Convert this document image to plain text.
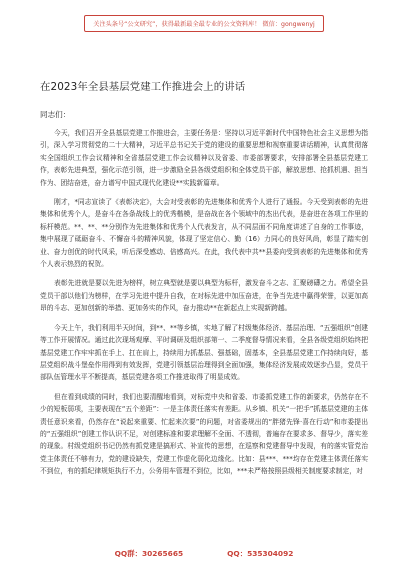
关注头条号“公文研究”，获得最新最全最专业的公文资料库！ 微信：gongwenyj
在2023年全县基层党建工作推进会上的讲话
同志们：

今天，我们召开全县基层党建工作推进会，主要任务是：坚持以习近平新时代中国特色社会主义思想为指引，深入学习贯彻党的二十大精神，习近平总书记关于党的建设的重要思想和视察重要讲话精神，认真贯彻落实全国组织工作会议精神和全省基层党建工作会议精神以及省委、市委部署要求，安排部署全县基层党建工作，表彰先进典型，强化示范引领，进一步激励全县各级党组织和全体党员干部，解放思想、抢抓机遇、担当作为、团结奋进，奋力谱写中国式现代化建设**实践新篇章。

刚才，*同志宣读了《表彰决定》，大会对受表彰的先进集体和优秀个人进行了通报。今天受到表彰的先进集体和优秀个人，是奋斗在各条战线上的优秀楷模，是奋战在各个领域中的杰出代表，是奋进在各项工作里的标杆模范。**、**、**分别作为先进集体和优秀个人代表发言，从不同层面不同角度讲述了自身的工作事迹，集中展现了砥砺奋斗、不懈奋斗的精神风貌，体现了坚定信心、勤（16）力同心的良好风尚，彰显了踏实创业、奋力创优的时代风采，听后深受感动、倍感高兴。在此，我代表中共**县委向受到表彰的先进集体和优秀个人表示热烈的祝贺。

表彰先进就是要以先进为榜样，树立典型就是要以典型为标杆，激发奋斗之志、汇聚磅礴之力。希望全县党员干部以他们为榜样，在学习先进中提升自我，在对标先进中加压奋进，在争当先进中赢得荣誉，以更加高昂的斗志、更加创新的举措、更加务实的作风，奋力推动**在新起点上实现新跨越。

今天上午，我们利用半天时间，到**、**等乡镇，实地了解了村级集体经济、基层治理、“五强组织”创建等工作开展情况。通过此次现场观摩、平时调研及组织部第一、二季度督导情况来看，全县各级党组织始终把基层党建工作牢牢抓在手上、扛在肩上，持续用力抓基层、强基础，固基本，全县基层党建工作持续向好，基层党组织战斗堡垒作用得到有效发挥，党建引领基层治理得到全面加强，集体经济发展成效逐步凸显，党员干部队伍管理水平不断提高，基层党建各项工作推进取得了明显成效。

但在看到成绩的同时，我们也要清醒地看到，对标党中央和省委、市委抓党建工作的新要求，仍然存在不少的短板弱项，主要表现在“五个差距”：一是主体责任落实有差距。从乡镇、机关“一把手”抓基层党建的主体责任意识来看，仍然存在“说起来重要、忙起来次要”的问题，对省委规出的“胖猪先锋·喜在行动”和市委提出的“五强组织”创建工作认识不足，对创建标准和要求理解不全面、不透彻，普遍存在要求多、督导少，落实差的现象。村级党组织书记仍然有抓党建是搞形式、补宣传的思想，在巡察和党建督导中发现，有的落实管党治党主体责任不够有力，党的建设缺失，党建工作虚化弱化边缘化。比如：县***、***均存在党建主体责任落实不到位，有的抓纪律规矩执行不力，公务用车管理不到位，比如，***未严格按照县级相关制度要求制定，对

QQ群：30265665	QQ：535304092
